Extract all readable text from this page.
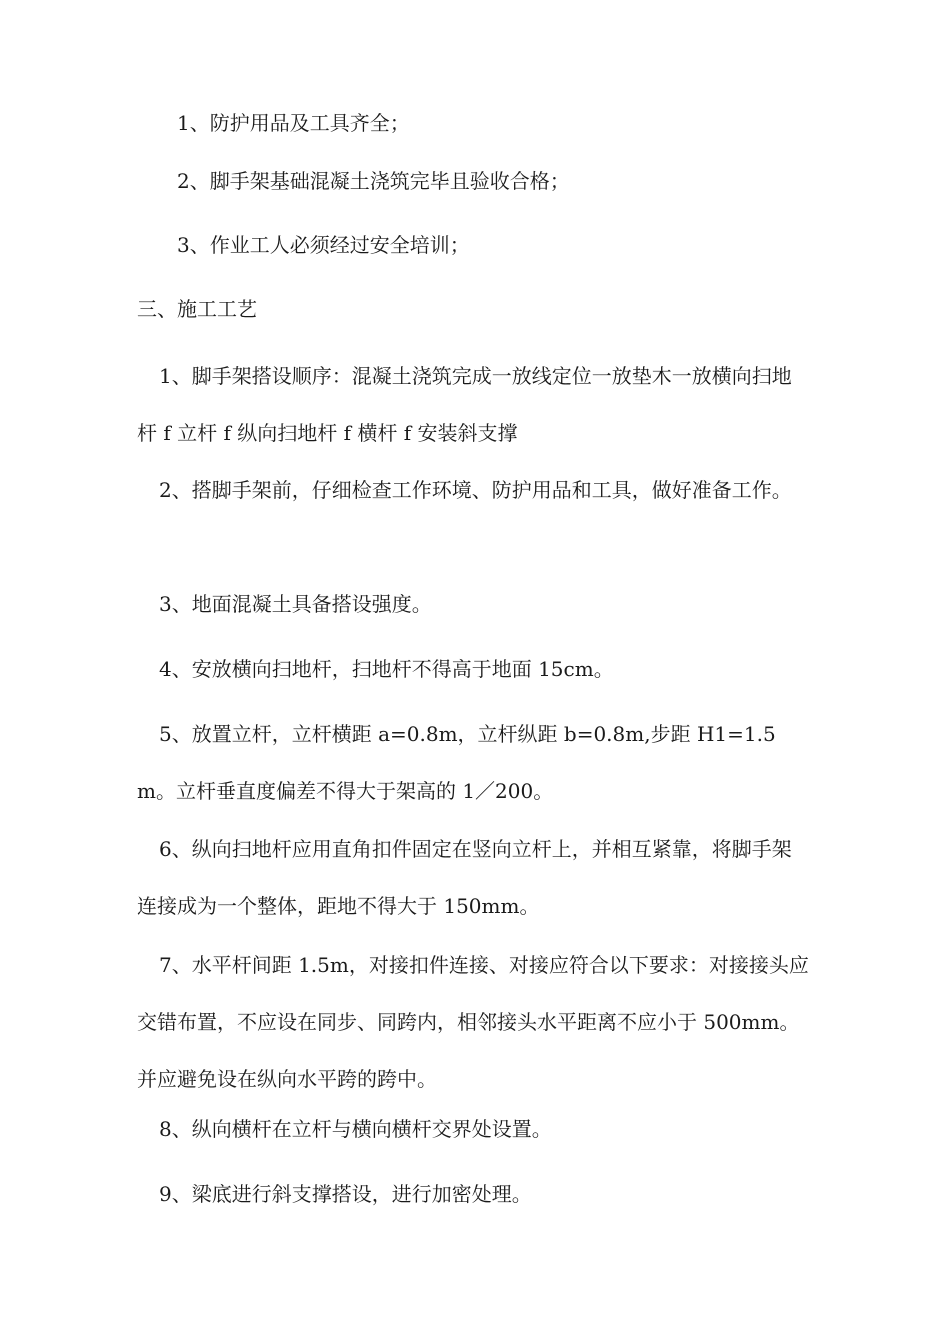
1、防护用品及工具齐全；

2、脚手架基础混凝土浇筑完毕且验收合格；

3、作业工人必须经过安全培训；

三、施工工艺

1、脚手架搭设顺序：混凝土浇筑完成一放线定位一放垫木一放横向扫地杆 f 立杆 f 纵向扫地杆 f 横杆 f 安装斜支撑

2、搭脚手架前，仔细检查工作环境、防护用品和工具，做好准备工作。

3、地面混凝土具备搭设强度。

4、安放横向扫地杆，扫地杆不得高于地面 15cm。

5、放置立杆，立杆横距 a=0.8m，立杆纵距 b=0.8m,步距 H1=1.5m。立杆垂直度偏差不得大于架高的 1／200。

6、纵向扫地杆应用直角扣件固定在竖向立杆上，并相互紧靠，将脚手架连接成为一个整体，距地不得大于 150mm。

7、水平杆间距 1.5m，对接扣件连接、对接应符合以下要求：对接接头应交错布置，不应设在同步、同跨内，相邻接头水平距离不应小于 500mm。并应避免设在纵向水平跨的跨中。

8、纵向横杆在立杆与横向横杆交界处设置。

9、梁底进行斜支撑搭设，进行加密处理。
